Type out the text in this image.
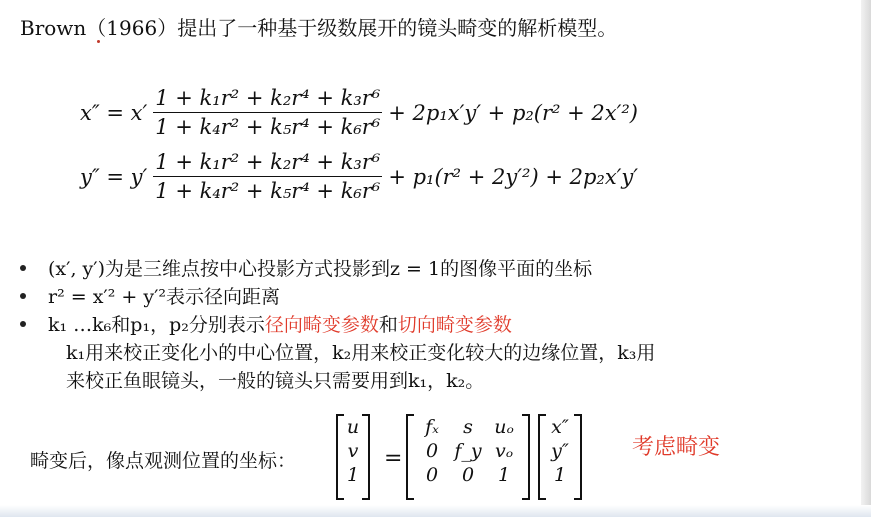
Brown（1966）提出了一种基于级数展开的镜头畸变的解析模型。
$x'' = x' \frac{\text{1 + k₁r² + k₂r⁴ + k₃r⁶}}{\text{1 + k₄r² + k₅r⁴ + k₆r⁶}} + 2p_1x'y' + p_2(r^2 + 2x'^2)$
$y'' = y' \frac{\text{1 + k₁r² + k₂r⁴ + k₃r⁶}}{\text{1 + k₄r² + k₅r⁴ + k₆r⁶}} + p_1(r^2 + 2y'^2) + 2p_2x'y'$
(x′, y′)为是三维点按中心投影方式投影到z = 1的图像平面的坐标
r² = x′² + y′²表示径向距离
k₁ …k₆和p₁，p₂分别表示径向畸变参数和切向畸变参数
k₁用来校正变化小的中心位置，k₂用来校正变化较大的边缘位置，k₃用
来校正鱼眼镜头，一般的镜头只需要用到k₁，k₂。
畸变后，像点观测位置的坐标：
u
v
1
=
fₓ	s	uₒ
0 f_y vₒ
0	0	1
x″
y″
1
考虑畸变
